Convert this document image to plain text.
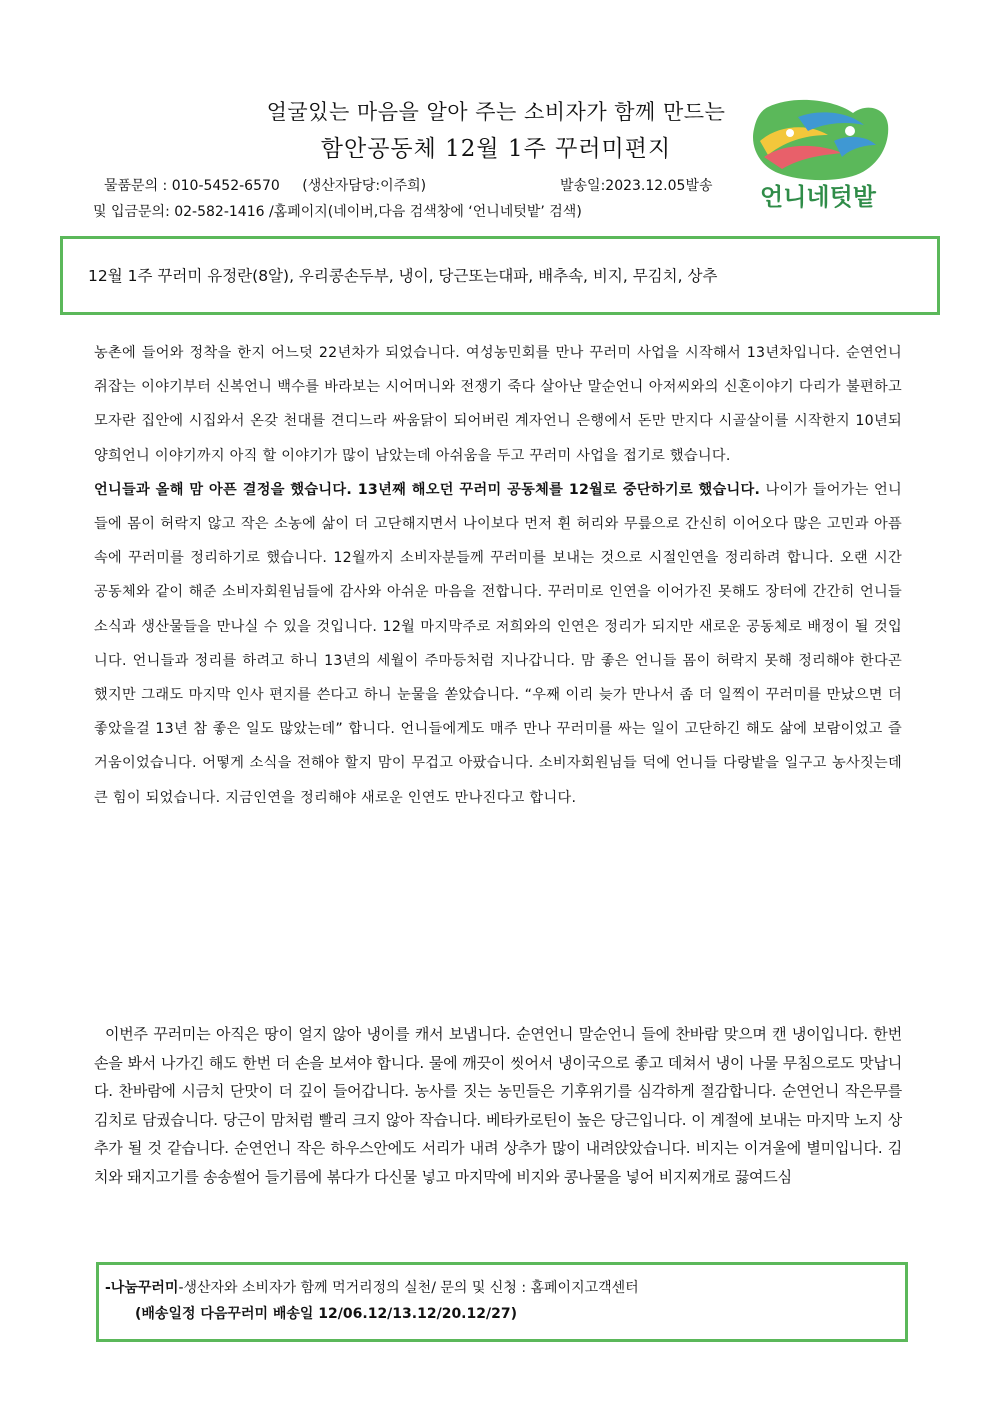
얼굴있는 마음을 알아 주는 소비자가 함께 만드는
함안공동체 12월 1주 꾸러미편지
물품문의 : 010-5452-6570 (생산자담당:이주희)	발송일:2023.12.05발송
및 입금문의: 02-582-1416 /홈페이지(네이버,다음 검색창에 ‘언니네텃밭’ 검색)
언니네텃밭
12월 1주 꾸러미 유정란(8알), 우리콩손두부, 냉이, 당근또는대파, 배추속, 비지, 무김치, 상추

농촌에 들어와 정착을 한지 어느덧 22년차가 되었습니다. 여성농민회를 만나 꾸러미 사업을 시작해서 13년차입니다. 순연언니 쥐잡는 이야기부터 신복언니 백수를 바라보는 시어머니와 전쟁기 죽다 살아난 말순언니 아저씨와의 신혼이야기 다리가 불편하고 모자란 집안에 시집와서 온갖 천대를 견디느라 싸움닭이 되어버린 계자언니 은행에서 돈만 만지다 시골살이를 시작한지 10년되 양희언니 이야기까지 아직 할 이야기가 많이 남았는데 아쉬움을 두고 꾸러미 사업을 접기로 했습니다.
언니들과 올해 맘 아픈 결정을 했습니다. 13년째 해오던 꾸러미 공동체를 12월로 중단하기로 했습니다. 나이가 들어가는 언니들에 몸이 허락지 않고 작은 소농에 삶이 더 고단해지면서 나이보다 먼저 휜 허리와 무릎으로 간신히 이어오다 많은 고민과 아픔 속에 꾸러미를 정리하기로 했습니다. 12월까지 소비자분들께 꾸러미를 보내는 것으로 시절인연을 정리하려 합니다. 오랜 시간 공동체와 같이 해준 소비자회원님들에 감사와 아쉬운 마음을 전합니다. 꾸러미로 인연을 이어가진 못해도 장터에 간간히 언니들 소식과 생산물들을 만나실 수 있을 것입니다. 12월 마지막주로 저희와의 인연은 정리가 되지만 새로운 공동체로 배정이 될 것입니다. 언니들과 정리를 하려고 하니 13년의 세월이 주마등처럼 지나갑니다. 맘 좋은 언니들 몸이 허락지 못해 정리해야 한다곤 했지만 그래도 마지막 인사 편지를 쓴다고 하니 눈물을 쏟았습니다. “우째 이리 늦가 만나서 좀 더 일찍이 꾸러미를 만났으면 더 좋았을걸 13년 참 좋은 일도 많았는데” 합니다. 언니들에게도 매주 만나 꾸러미를 싸는 일이 고단하긴 해도 삶에 보람이었고 즐거움이었습니다. 어떻게 소식을 전해야 할지 맘이 무겁고 아팠습니다. 소비자회원님들 덕에 언니들 다랑밭을 일구고 농사짓는데 큰 힘이 되었습니다. 지금인연을 정리해야 새로운 인연도 만나진다고 합니다.

이번주 꾸러미는 아직은 땅이 얼지 않아 냉이를 캐서 보냅니다. 순연언니 말순언니 들에 찬바람 맞으며 캔 냉이입니다. 한번 손을 봐서 나가긴 해도 한번 더 손을 보셔야 합니다. 물에 깨끗이 씻어서 냉이국으로 좋고 데쳐서 냉이 나물 무침으로도 맛납니다. 찬바람에 시금치 단맛이 더 깊이 들어갑니다. 농사를 짓는 농민들은 기후위기를 심각하게 절감합니다. 순연언니 작은무를 김치로 담궜습니다. 당근이 맘처럼 빨리 크지 않아 작습니다. 베타카로틴이 높은 당근입니다. 이 계절에 보내는 마지막 노지 상추가 될 것 같습니다. 순연언니 작은 하우스안에도 서리가 내려 상추가 많이 내려앉았습니다. 비지는 이겨울에 별미입니다. 김치와 돼지고기를 송송썰어 들기름에 볶다가 다신물 넣고 마지막에 비지와 콩나물을 넣어 비지찌개로 끓여드심

-나눔꾸러미-생산자와 소비자가 함께 먹거리정의 실천/ 문의 및 신청 : 홈페이지고객센터
(배송일정 다음꾸러미 배송일 12/06.12/13.12/20.12/27)
